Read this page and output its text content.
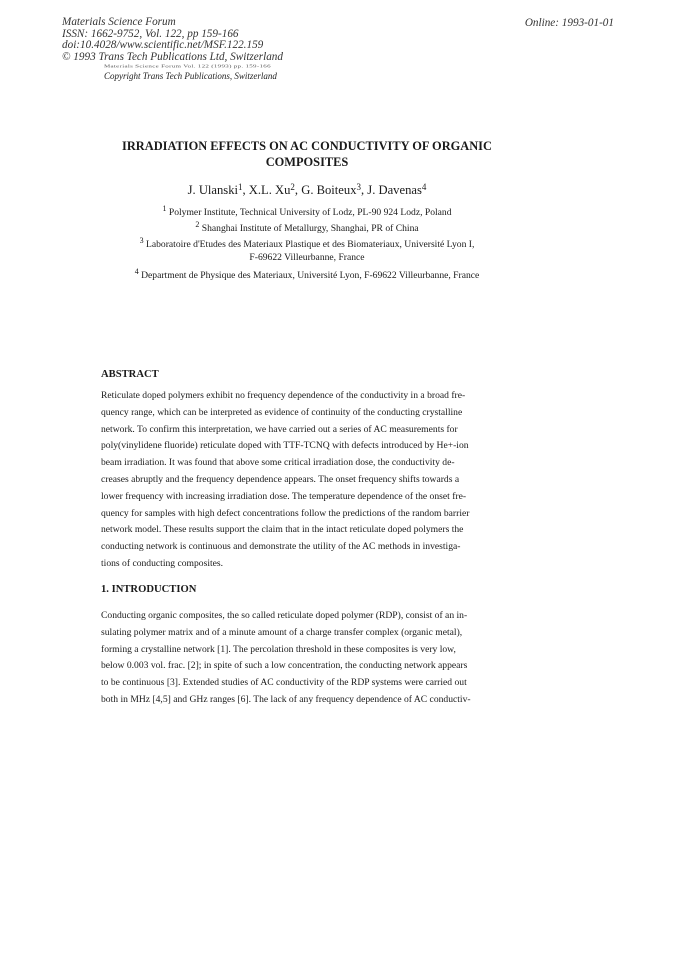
Materials Science Forum
ISSN: 1662-9752, Vol. 122, pp 159-166
doi:10.4028/www.scientific.net/MSF.122.159
© 1993 Trans Tech Publications Ltd, Switzerland
Online: 1993-01-01
Materials Science Forum Vol. 122 (1993) pp. 159-166
Copyright Trans Tech Publications, Switzerland
IRRADIATION EFFECTS ON AC CONDUCTIVITY OF ORGANIC
COMPOSITES
J. Ulanski$^1$, X.L. Xu$^2$, G. Boiteux$^3$, J. Davenas$^4$
$^1$ Polymer Institute, Technical University of Lodz, PL-90 924 Lodz, Poland
$^2$ Shanghai Institute of Metallurgy, Shanghai, PR of China
$^3$ Laboratoire d'Etudes des Materiaux Plastique et des Biomateriaux, Université Lyon I,
F-69622 Villeurbanne, France
$^4$ Department de Physique des Materiaux, Université Lyon, F-69622 Villeurbanne, France
ABSTRACT
Reticulate doped polymers exhibit no frequency dependence of the conductivity in a broad fre-
quency range, which can be interpreted as evidence of continuity of the conducting crystalline
network. To confirm this interpretation, we have carried out a series of AC measurements for
poly(vinylidene fluoride) reticulate doped with TTF-TCNQ with defects introduced by He+-ion
beam irradiation. It was found that above some critical irradiation dose, the conductivity de-
creases abruptly and the frequency dependence appears. The onset frequency shifts towards a
lower frequency with increasing irradiation dose. The temperature dependence of the onset fre-
quency for samples with high defect concentrations follow the predictions of the random barrier
network model. These results support the claim that in the intact reticulate doped polymers the
conducting network is continuous and demonstrate the utility of the AC methods in investiga-
tions of conducting composites.
1. INTRODUCTION
Conducting organic composites, the so called reticulate doped polymer (RDP), consist of an in-
sulating polymer matrix and of a minute amount of a charge transfer complex (organic metal),
forming a crystalline network [1]. The percolation threshold in these composites is very low,
below 0.003 vol. frac. [2]; in spite of such a low concentration, the conducting network appears
to be continuous [3]. Extended studies of AC conductivity of the RDP systems were carried out
both in MHz [4,5] and GHz ranges [6]. The lack of any frequency dependence of AC conductiv-
